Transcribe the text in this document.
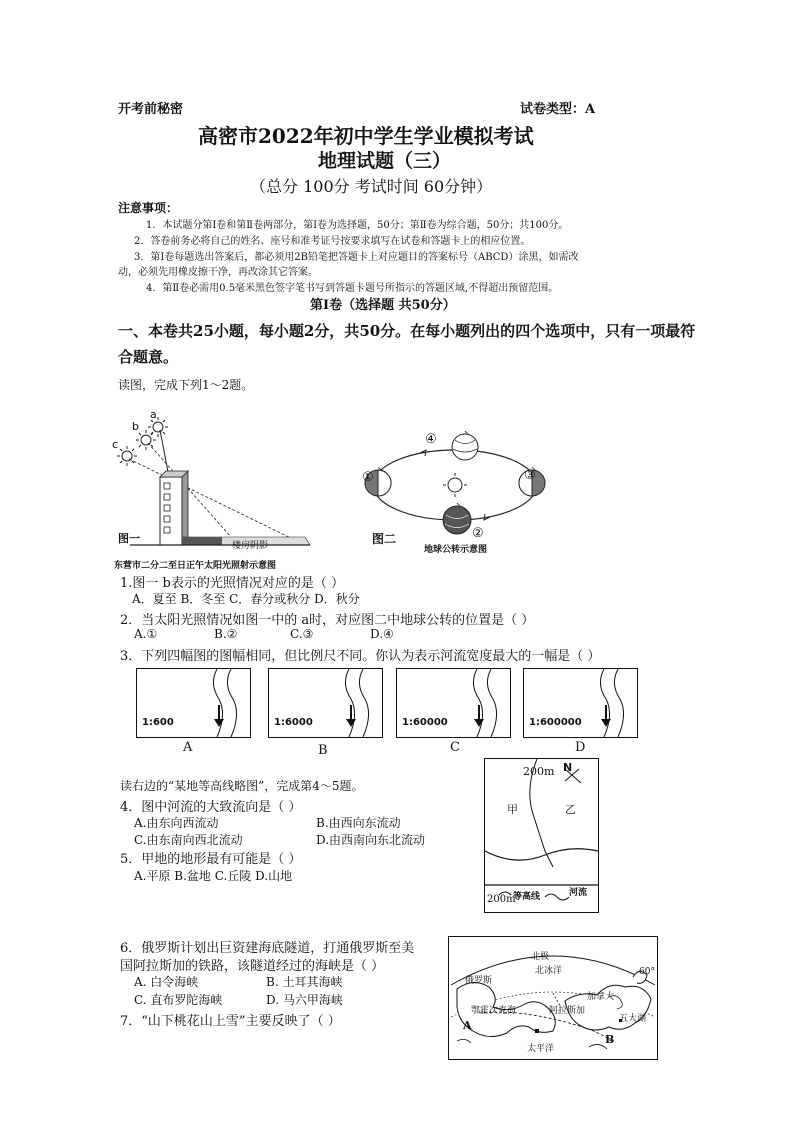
开考前秘密	试卷类型：A
高密市2022年初中学生学业模拟考试
地理试题（三）
（总分 100分 考试时间 60分钟）
注意事项：
1．本试题分第Ⅰ卷和第Ⅱ卷两部分，第Ⅰ卷为选择题，50分；第Ⅱ卷为综合题，50分；共100分。
2．答卷前务必将自己的姓名、座号和准考证号按要求填写在试卷和答题卡上的相应位置。
3．第Ⅰ卷每题选出答案后，都必须用2B铅笔把答题卡上对应题目的答案标号（ABCD）涂黑，如需改
动，必须先用橡皮擦干净，再改涂其它答案。
4．第Ⅱ卷必需用0.5毫米黑色签字笔书写到答题卡题号所指示的答题区域,不得超出预留范围。
第Ⅰ卷（选择题 共50分）
一、本卷共25小题，每小题2分，共50分。在每小题列出的四个选项中，只有一项最符
合题意。
读图，完成下列1～2题。
a
b
c
楼房阴影
图一
东营市二分二至日正午太阳光照射示意图
①
②
③
④
图二
地球公转示意图
1.图一 b表示的光照情况对应的是（ ）
A．夏至 B．冬至 C．春分或秋分 D．秋分
2．当太阳光照情况如图一中的 a时，对应图二中地球公转的位置是（ ）
A.①	B.②	C.③	D.④
3．下列四幅图的图幅相同，但比例尺不同。你认为表示河流宽度最大的一幅是（ ）
1:600	1:6000	1:60000	1:600000
A	B	C	D
200m N
甲	乙
200m
等高线	河流
读右边的“某地等高线略图”，完成第4～5题。
4．图中河流的大致流向是（ ）
A.由东向西流动	B.由西向东流动
C.由东南向西北流动	D.由西南向东北流动
5．甲地的地形最有可能是（ ）
A.平原 B.盆地 C.丘陵 D.山地
6．俄罗斯计划出巨资建海底隧道，打通俄罗斯至美
国阿拉斯加的铁路，该隧道经过的海峡是（ ）
A. 白令海峡	B. 土耳其海峡
C. 直布罗陀海峡	D. 马六甲海峡
7．“山下桃花山上雪”主要反映了（ ）
北极
北冰洋
俄罗斯
鄂霍次克海	阿拉斯加
加拿大
五大湖
60°
太平洋
A
B
